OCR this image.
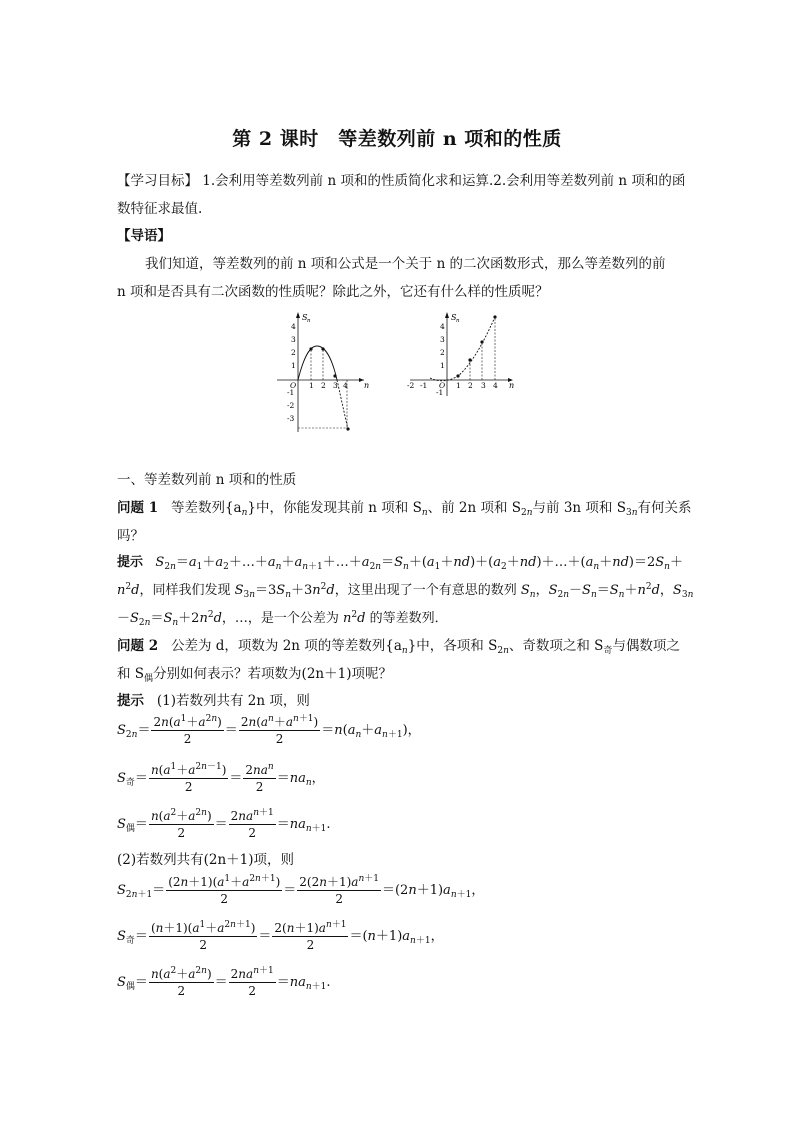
第 2 课时　等差数列前 n 项和的性质
【学习目标】 1.会利用等差数列前 n 项和的性质简化求和运算.2.会利用等差数列前 n 项和的函
数特征求最值.
【导语】
我们知道，等差数列的前 n 项和公式是一个关于 n 的二次函数形式，那么等差数列的前
n 项和是否具有二次函数的性质呢？除此之外，它还有什么样的性质呢？
S n
n
4
3
2
1
-1
-2
-3
O 1 2 3 4
S n
n
4
3
2
1
-1
-2 -1 O 1 2 3 4
一、等差数列前 n 项和的性质
问题 1 等差数列$\{a_n\}$中，你能发现其前 n 项和 $S_n$、前 2n 项和 $S_{2n}$与前 3n 项和 $S_{3n}$有何关系
吗？
提示 $S_{2n}=a_1+a_2+\dots+a_n+a_{n+1}+\dots+a_{2n}=S_n+(a_1+nd)+(a_2+nd)+\dots+(a_n+nd)=2S_n+$
$n^2d$，同样我们发现 $S_{3n}=3S_n+3n^2d$，这里出现了一个有意思的数列 $S_n$，$S_{2n}-S_n=S_n+n^2d$，$S_{3n}$
$-S_{2n}=S_n+2n^2d$，…，是一个公差为 $n^2d$ 的等差数列．
问题 2 公差为 d，项数为 2n 项的等差数列$\{a_n\}$中，各项和 $S_{2n}$、奇数项之和 $S_奇$与偶数项之
和 $S_偶$分别如何表示？若项数为(2n＋1)项呢？
提示 (1)若数列共有 2n 项，则
$S_{2n}= \frac{2n(a^1+a^{2n})}{2} = \frac{2n(a^n+a^{n+1})}{2} =n(a_n+a_{n+1})$，
$S_奇= \frac{n(a^1+a^{2n-1})}{2} = \frac{2na^n}{2} =na_n$，
$S_偶= \frac{n(a^2+a^{2n})}{2} = \frac{2na^{n+1}}{2} =na_{n+1}$.
(2)若数列共有(2n＋1)项，则
$S_{2n+1}= \frac{(2n+1)(a^1+a^{2n+1})}{2} = \frac{2(2n+1)a^{n+1}}{2} =(2n+1)a_{n+1}$，
$S_奇= \frac{(n+1)(a^1+a^{2n+1})}{2} = \frac{2(n+1)a^{n+1}}{2} =(n+1)a_{n+1}$，
$S_偶= \frac{n(a^2+a^{2n})}{2} = \frac{2na^{n+1}}{2} =na_{n+1}$.
